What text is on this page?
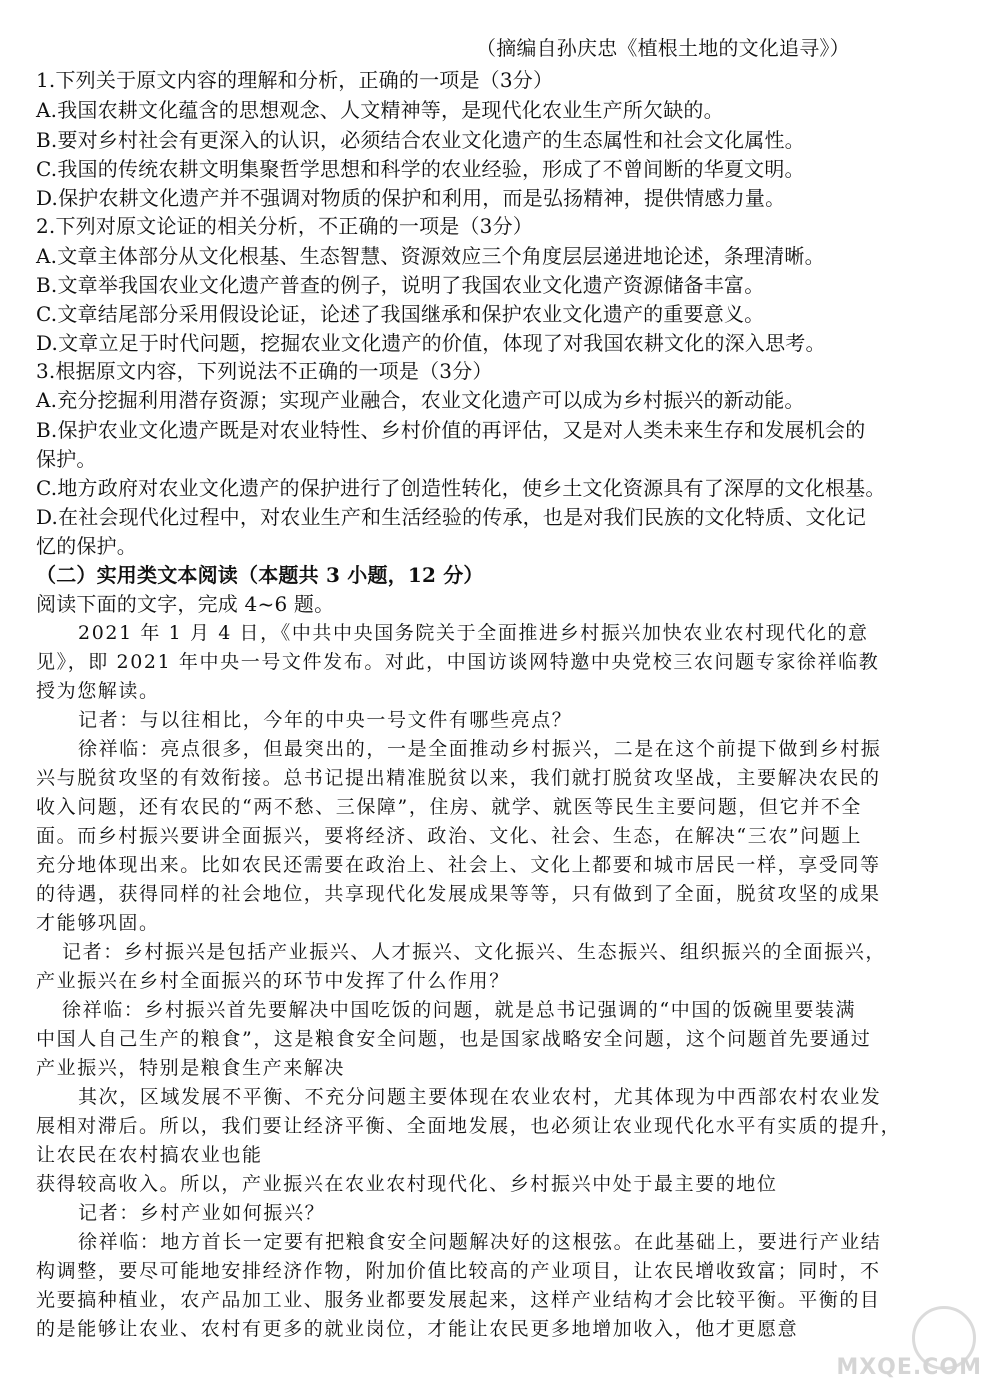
（摘编自孙庆忠《植根土地的文化追寻》）
1.下列关于原文内容的理解和分析，正确的一项是（3分）
A.我国农耕文化蕴含的思想观念、人文精神等，是现代化农业生产所欠缺的。
B.要对乡村社会有更深入的认识，必须结合农业文化遗产的生态属性和社会文化属性。
C.我国的传统农耕文明集聚哲学思想和科学的农业经验，形成了不曾间断的华夏文明。
D.保护农耕文化遗产并不强调对物质的保护和利用，而是弘扬精神，提供情感力量。
2.下列对原文论证的相关分析，不正确的一项是（3分）
A.文章主体部分从文化根基、生态智慧、资源效应三个角度层层递进地论述，条理清晰。
B.文章举我国农业文化遗产普查的例子，说明了我国农业文化遗产资源储备丰富。
C.文章结尾部分采用假设论证，论述了我国继承和保护农业文化遗产的重要意义。
D.文章立足于时代问题，挖掘农业文化遗产的价值，体现了对我国农耕文化的深入思考。
3.根据原文内容，下列说法不正确的一项是（3分）
A.充分挖掘利用潜存资源；实现产业融合，农业文化遗产可以成为乡村振兴的新动能。
B.保护农业文化遗产既是对农业特性、乡村价值的再评估，又是对人类未来生存和发展机会的
保护。
C.地方政府对农业文化遗产的保护进行了创造性转化，使乡土文化资源具有了深厚的文化根基。
D.在社会现代化过程中，对农业生产和生活经验的传承，也是对我们民族的文化特质、文化记
忆的保护。
（二）实用类文本阅读（本题共 3 小题，12 分）
阅读下面的文字，完成 4~6 题。
2021 年 1 月 4 日，《中共中央国务院关于全面推进乡村振兴加快农业农村现代化的意
见》，即 2021 年中央一号文件发布。对此，中国访谈网特邀中央党校三农问题专家徐祥临教
授为您解读。
记者：与以往相比，今年的中央一号文件有哪些亮点？
徐祥临：亮点很多，但最突出的，一是全面推动乡村振兴，二是在这个前提下做到乡村振
兴与脱贫攻坚的有效衔接。总书记提出精准脱贫以来，我们就打脱贫攻坚战，主要解决农民的
收入问题，还有农民的“两不愁、三保障”，住房、就学、就医等民生主要问题，但它并不全
面。而乡村振兴要讲全面振兴，要将经济、政治、文化、社会、生态，在解决“三农”问题上
充分地体现出来。比如农民还需要在政治上、社会上、文化上都要和城市居民一样，享受同等
的待遇，获得同样的社会地位，共享现代化发展成果等等，只有做到了全面，脱贫攻坚的成果
才能够巩固。
记者：乡村振兴是包括产业振兴、人才振兴、文化振兴、生态振兴、组织振兴的全面振兴，
产业振兴在乡村全面振兴的环节中发挥了什么作用？
徐祥临：乡村振兴首先要解决中国吃饭的问题，就是总书记强调的“中国的饭碗里要装满
中国人自己生产的粮食”，这是粮食安全问题，也是国家战略安全问题，这个问题首先要通过
产业振兴，特别是粮食生产来解决
其次，区域发展不平衡、不充分问题主要体现在农业农村，尤其体现为中西部农村农业发
展相对滞后。所以，我们要让经济平衡、全面地发展，也必须让农业现代化水平有实质的提升，
让农民在农村搞农业也能
获得较高收入。所以，产业振兴在农业农村现代化、乡村振兴中处于最主要的地位
记者：乡村产业如何振兴？
徐祥临：地方首长一定要有把粮食安全问题解决好的这根弦。在此基础上，要进行产业结
构调整，要尽可能地安排经济作物，附加价值比较高的产业项目，让农民增收致富；同时，不
光要搞种植业，农产品加工业、服务业都要发展起来，这样产业结构才会比较平衡。平衡的目
的是能够让农业、农村有更多的就业岗位，才能让农民更多地增加收入，他才更愿意
MXQE.COM
